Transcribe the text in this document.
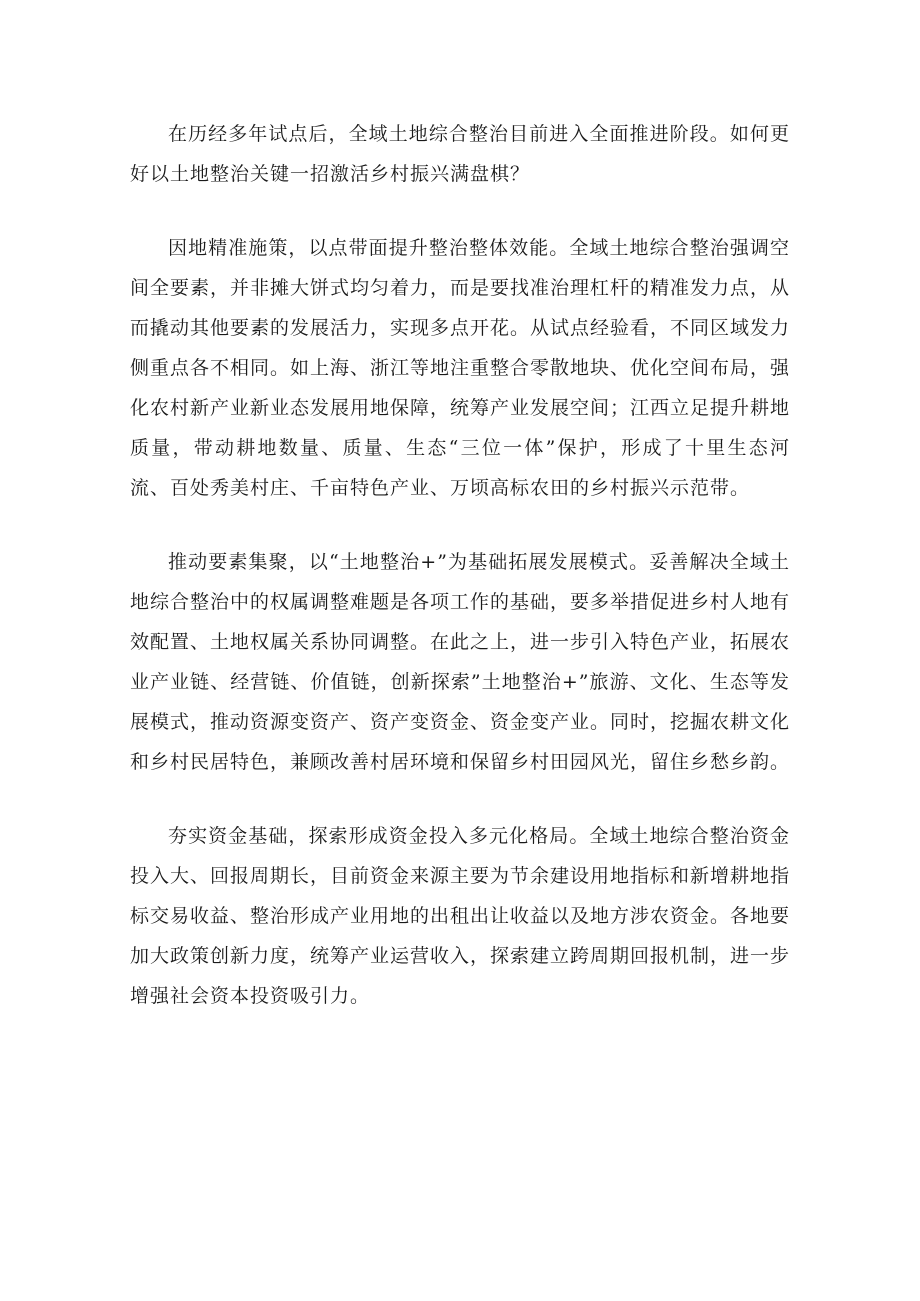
在历经多年试点后，全域土地综合整治目前进入全面推进阶段。如何更好以土地整治关键一招激活乡村振兴满盘棋？

因地精准施策，以点带面提升整治整体效能。全域土地综合整治强调空间全要素，并非摊大饼式均匀着力，而是要找准治理杠杆的精准发力点，从而撬动其他要素的发展活力，实现多点开花。从试点经验看，不同区域发力侧重点各不相同。如上海、浙江等地注重整合零散地块、优化空间布局，强化农村新产业新业态发展用地保障，统筹产业发展空间；江西立足提升耕地质量，带动耕地数量、质量、生态“三位一体”保护，形成了十里生态河流、百处秀美村庄、千亩特色产业、万顷高标农田的乡村振兴示范带。

推动要素集聚，以“土地整治+”为基础拓展发展模式。妥善解决全域土地综合整治中的权属调整难题是各项工作的基础，要多举措促进乡村人地有效配置、土地权属关系协同调整。在此之上，进一步引入特色产业，拓展农业产业链、经营链、价值链，创新探索”土地整治+”旅游、文化、生态等发展模式，推动资源变资产、资产变资金、资金变产业。同时，挖掘农耕文化和乡村民居特色，兼顾改善村居环境和保留乡村田园风光，留住乡愁乡韵。

夯实资金基础，探索形成资金投入多元化格局。全域土地综合整治资金投入大、回报周期长，目前资金来源主要为节余建设用地指标和新增耕地指标交易收益、整治形成产业用地的出租出让收益以及地方涉农资金。各地要加大政策创新力度，统筹产业运营收入，探索建立跨周期回报机制，进一步增强社会资本投资吸引力。
